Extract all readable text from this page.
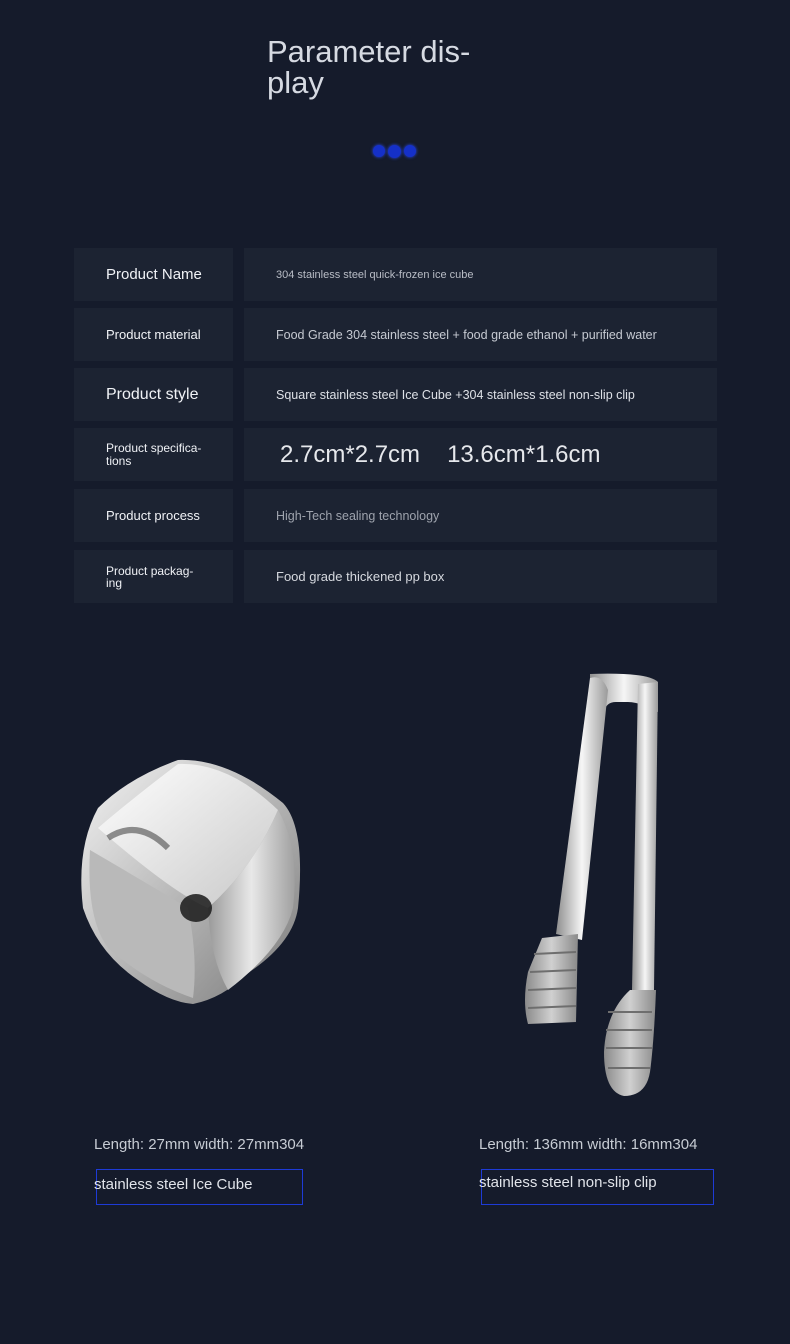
Parameter dis-
play
Product Name	304 stainless steel quick-frozen ice cube
Product material	Food Grade 304 stainless steel + food grade ethanol + purified water
Product style	Square stainless steel Ice Cube +304 stainless steel non-slip clip
Product specifica-
tions	2.7cm*2.7cm 13.6cm*1.6cm
Product process	High-Tech sealing technology
Product packag-
ing	Food grade thickened pp box
Length: 27mm width: 27mm304
stainless steel Ice Cube
Length: 136mm width: 16mm304
stainless steel non-slip clip
